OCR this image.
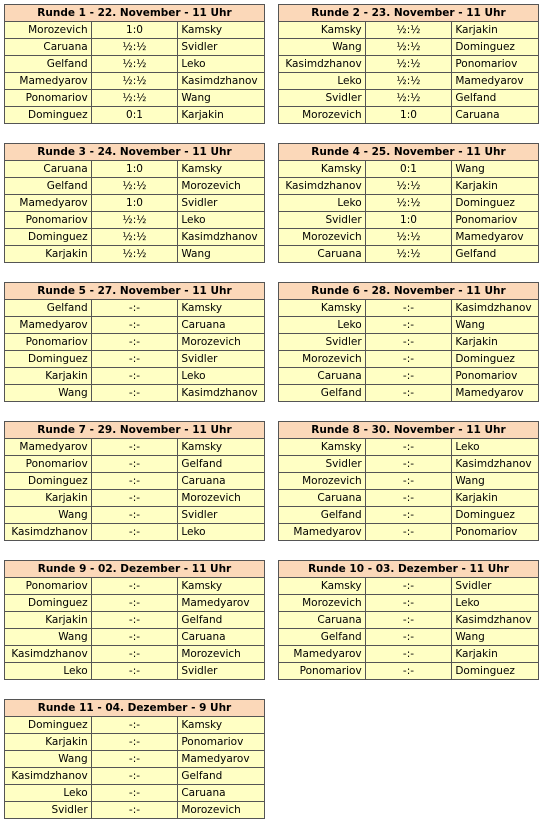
Runde 1 - 22. November - 11 Uhr		
Morozevich	1:0	Kamsky
Caruana	½:½	Svidler
Gelfand	½:½	Leko
Mamedyarov	½:½	Kasimdzhanov
Ponomariov	½:½	Wang
Dominguez	0:1	Karjakin
Runde 2 - 23. November - 11 Uhr		
Kamsky	½:½	Karjakin
Wang	½:½	Dominguez
Kasimdzhanov	½:½	Ponomariov
Leko	½:½	Mamedyarov
Svidler	½:½	Gelfand
Morozevich	1:0	Caruana
Runde 3 - 24. November - 11 Uhr		
Caruana	1:0	Kamsky
Gelfand	½:½	Morozevich
Mamedyarov	1:0	Svidler
Ponomariov	½:½	Leko
Dominguez	½:½	Kasimdzhanov
Karjakin	½:½	Wang
Runde 4 - 25. November - 11 Uhr		
Kamsky	0:1	Wang
Kasimdzhanov	½:½	Karjakin
Leko	½:½	Dominguez
Svidler	1:0	Ponomariov
Morozevich	½:½	Mamedyarov
Caruana	½:½	Gelfand
Runde 5 - 27. November - 11 Uhr		
Gelfand	-:-	Kamsky
Mamedyarov	-:-	Caruana
Ponomariov	-:-	Morozevich
Dominguez	-:-	Svidler
Karjakin	-:-	Leko
Wang	-:-	Kasimdzhanov
Runde 6 - 28. November - 11 Uhr		
Kamsky	-:-	Kasimdzhanov
Leko	-:-	Wang
Svidler	-:-	Karjakin
Morozevich	-:-	Dominguez
Caruana	-:-	Ponomariov
Gelfand	-:-	Mamedyarov
Runde 7 - 29. November - 11 Uhr		
Mamedyarov	-:-	Kamsky
Ponomariov	-:-	Gelfand
Dominguez	-:-	Caruana
Karjakin	-:-	Morozevich
Wang	-:-	Svidler
Kasimdzhanov	-:-	Leko
Runde 8 - 30. November - 11 Uhr		
Kamsky	-:-	Leko
Svidler	-:-	Kasimdzhanov
Morozevich	-:-	Wang
Caruana	-:-	Karjakin
Gelfand	-:-	Dominguez
Mamedyarov	-:-	Ponomariov
Runde 9 - 02. Dezember - 11 Uhr		
Ponomariov	-:-	Kamsky
Dominguez	-:-	Mamedyarov
Karjakin	-:-	Gelfand
Wang	-:-	Caruana
Kasimdzhanov	-:-	Morozevich
Leko	-:-	Svidler
Runde 10 - 03. Dezember - 11 Uhr		
Kamsky	-:-	Svidler
Morozevich	-:-	Leko
Caruana	-:-	Kasimdzhanov
Gelfand	-:-	Wang
Mamedyarov	-:-	Karjakin
Ponomariov	-:-	Dominguez
Runde 11 - 04. Dezember - 9 Uhr		
Dominguez	-:-	Kamsky
Karjakin	-:-	Ponomariov
Wang	-:-	Mamedyarov
Kasimdzhanov	-:-	Gelfand
Leko	-:-	Caruana
Svidler	-:-	Morozevich
